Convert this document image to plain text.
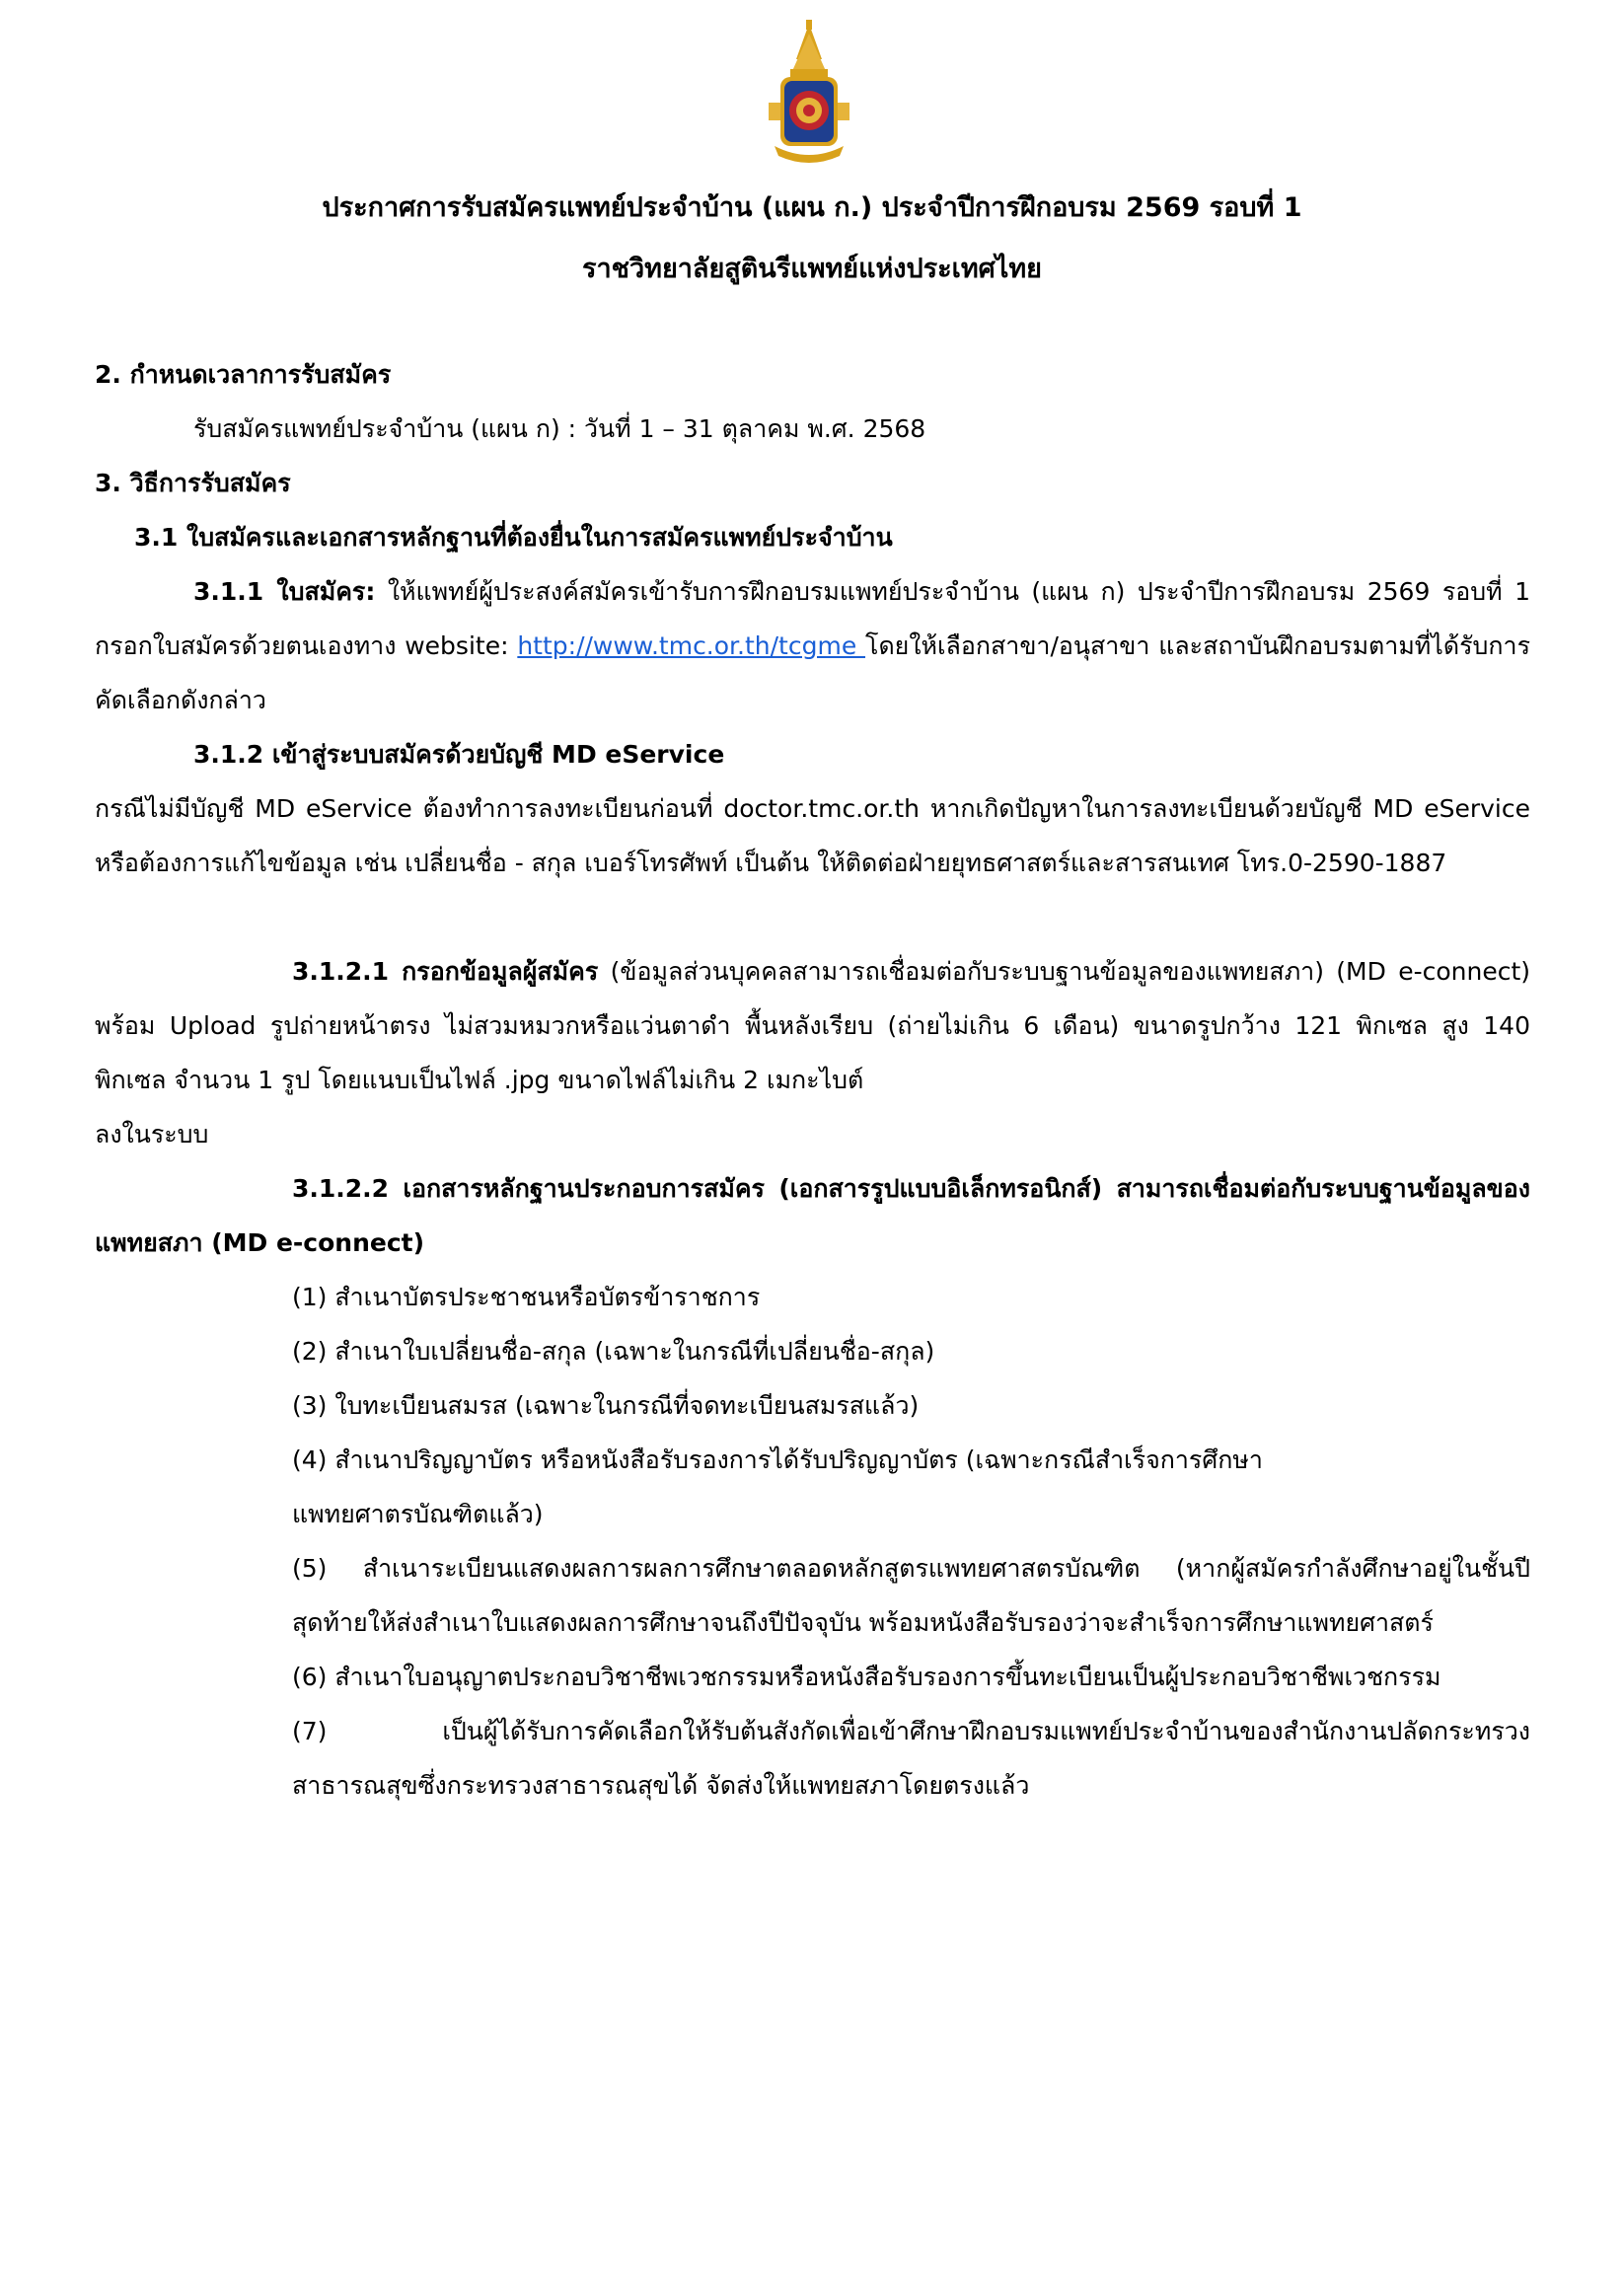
ประกาศการรับสมัครแพทย์ประจำบ้าน (แผน ก.) ประจำปีการฝึกอบรม 2569 รอบที่ 1
ราชวิทยาลัยสูตินรีแพทย์แห่งประเทศไทย
2. กำหนดเวลาการรับสมัคร
รับสมัครแพทย์ประจำบ้าน (แผน ก) : วันที่ 1 – 31 ตุลาคม พ.ศ. 2568
3. วิธีการรับสมัคร
3.1 ใบสมัครและเอกสารหลักฐานที่ต้องยื่นในการสมัครแพทย์ประจำบ้าน
3.1.1 ใบสมัคร: ให้แพทย์ผู้ประสงค์สมัครเข้ารับการฝึกอบรมแพทย์ประจำบ้าน (แผน ก) ประจำปีการฝึกอบรม 2569 รอบที่ 1 กรอกใบสมัครด้วยตนเองทาง website: http://www.tmc.or.th/tcgme โดยให้เลือกสาขา/อนุสาขา และสถาบันฝึกอบรมตามที่ได้รับการคัดเลือกดังกล่าว
3.1.2 เข้าสู่ระบบสมัครด้วยบัญชี MD eService
กรณีไม่มีบัญชี MD eService ต้องทำการลงทะเบียนก่อนที่ doctor.tmc.or.th หากเกิดปัญหาในการลงทะเบียนด้วยบัญชี MD eService หรือต้องการแก้ไขข้อมูล เช่น เปลี่ยนชื่อ - สกุล เบอร์โทรศัพท์ เป็นต้น ให้ติดต่อฝ่ายยุทธศาสตร์และสารสนเทศ โทร.0-2590-1887
3.1.2.1 กรอกข้อมูลผู้สมัคร (ข้อมูลส่วนบุคคลสามารถเชื่อมต่อกับระบบฐานข้อมูลของแพทยสภา) (MD e-connect) พร้อม Upload รูปถ่ายหน้าตรง ไม่สวมหมวกหรือแว่นตาดำ พื้นหลังเรียบ (ถ่ายไม่เกิน 6 เดือน) ขนาดรูปกว้าง 121 พิกเซล สูง 140 พิกเซล จำนวน 1 รูป โดยแนบเป็นไฟล์ .jpg ขนาดไฟล์ไม่เกิน 2 เมกะไบต์
ลงในระบบ
3.1.2.2 เอกสารหลักฐานประกอบการสมัคร (เอกสารรูปแบบอิเล็กทรอนิกส์) สามารถเชื่อมต่อกับระบบฐานข้อมูลของแพทยสภา (MD e-connect)
(1) สำเนาบัตรประชาชนหรือบัตรข้าราชการ
(2) สำเนาใบเปลี่ยนชื่อ-สกุล (เฉพาะในกรณีที่เปลี่ยนชื่อ-สกุล)
(3) ใบทะเบียนสมรส (เฉพาะในกรณีที่จดทะเบียนสมรสแล้ว)
(4) สำเนาปริญญาบัตร หรือหนังสือรับรองการได้รับปริญญาบัตร (เฉพาะกรณีสำเร็จการศึกษา แพทยศาตรบัณฑิตแล้ว)
(5) สำเนาระเบียนแสดงผลการผลการศึกษาตลอดหลักสูตรแพทยศาสตรบัณฑิต (หากผู้สมัครกำลังศึกษาอยู่ในชั้นปีสุดท้ายให้ส่งสำเนาใบแสดงผลการศึกษาจนถึงปีปัจจุบัน พร้อมหนังสือรับรองว่าจะสำเร็จการศึกษาแพทยศาสตร์
(6) สำเนาใบอนุญาตประกอบวิชาชีพเวชกรรมหรือหนังสือรับรองการขึ้นทะเบียนเป็นผู้ประกอบวิชาชีพเวชกรรม
(7) เป็นผู้ได้รับการคัดเลือกให้รับต้นสังกัดเพื่อเข้าศึกษาฝึกอบรมแพทย์ประจำบ้านของสำนักงานปลัดกระทรวงสาธารณสุขซึ่งกระทรวงสาธารณสุขได้ จัดส่งให้แพทยสภาโดยตรงแล้ว
